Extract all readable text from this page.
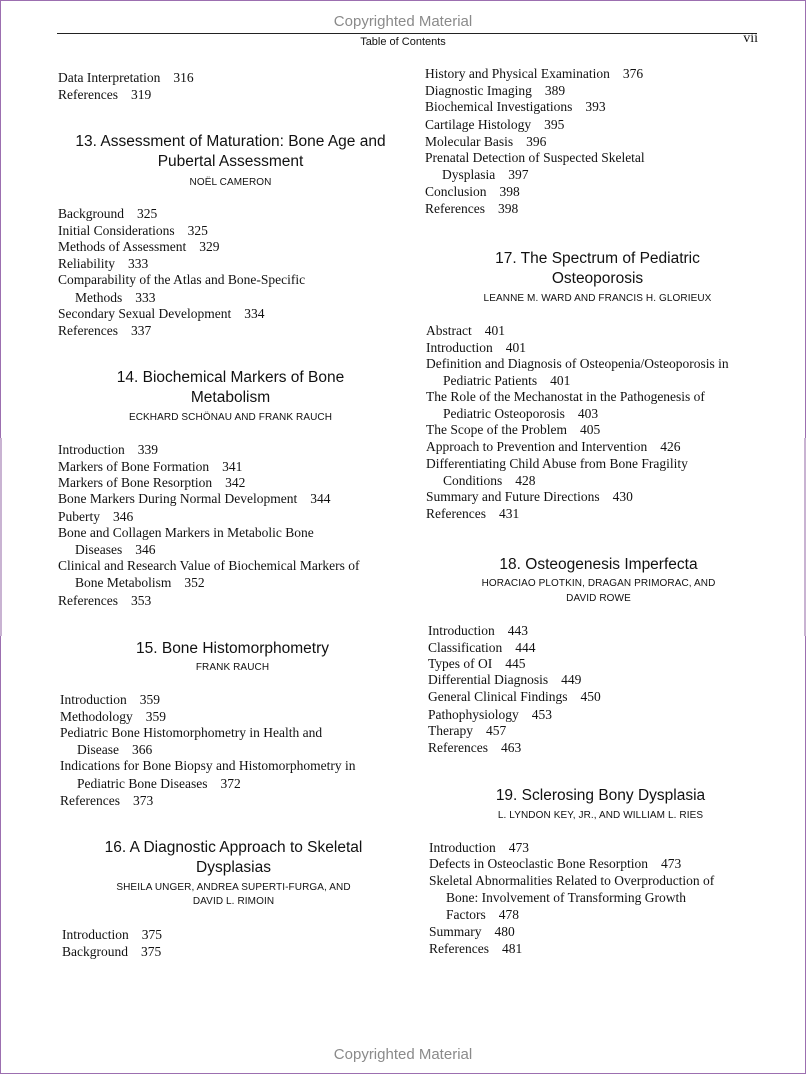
Copyrighted Material
Table of Contents	vii
Data Interpretation 316
References 319
13. Assessment of Maturation: Bone Age and
Pubertal Assessment
NOËL CAMERON
Background 325
Initial Considerations 325
Methods of Assessment 329
Reliability 333
Comparability of the Atlas and Bone-Specific
Methods 333
Secondary Sexual Development 334
References 337
14. Biochemical Markers of Bone
Metabolism
ECKHARD SCHÖNAU AND FRANK RAUCH
Introduction 339
Markers of Bone Formation 341
Markers of Bone Resorption 342
Bone Markers During Normal Development 344
Puberty 346
Bone and Collagen Markers in Metabolic Bone
Diseases 346
Clinical and Research Value of Biochemical Markers of
Bone Metabolism 352
References 353
15. Bone Histomorphometry
FRANK RAUCH
Introduction 359
Methodology 359
Pediatric Bone Histomorphometry in Health and
Disease 366
Indications for Bone Biopsy and Histomorphometry in
Pediatric Bone Diseases 372
References 373
16. A Diagnostic Approach to Skeletal
Dysplasias
SHEILA UNGER, ANDREA SUPERTI-FURGA, AND
DAVID L. RIMOIN
Introduction 375
Background 375
History and Physical Examination 376
Diagnostic Imaging 389
Biochemical Investigations 393
Cartilage Histology 395
Molecular Basis 396
Prenatal Detection of Suspected Skeletal
Dysplasia 397
Conclusion 398
References 398
17. The Spectrum of Pediatric
Osteoporosis
LEANNE M. WARD AND FRANCIS H. GLORIEUX
Abstract 401
Introduction 401
Definition and Diagnosis of Osteopenia/Osteoporosis in
Pediatric Patients 401
The Role of the Mechanostat in the Pathogenesis of
Pediatric Osteoporosis 403
The Scope of the Problem 405
Approach to Prevention and Intervention 426
Differentiating Child Abuse from Bone Fragility
Conditions 428
Summary and Future Directions 430
References 431
18. Osteogenesis Imperfecta
HORACIAO PLOTKIN, DRAGAN PRIMORAC, AND
DAVID ROWE
Introduction 443
Classification 444
Types of OI 445
Differential Diagnosis 449
General Clinical Findings 450
Pathophysiology 453
Therapy 457
References 463
19. Sclerosing Bony Dysplasia
L. LYNDON KEY, JR., AND WILLIAM L. RIES
Introduction 473
Defects in Osteoclastic Bone Resorption 473
Skeletal Abnormalities Related to Overproduction of
Bone: Involvement of Transforming Growth
Factors 478
Summary 480
References 481
Copyrighted Material
